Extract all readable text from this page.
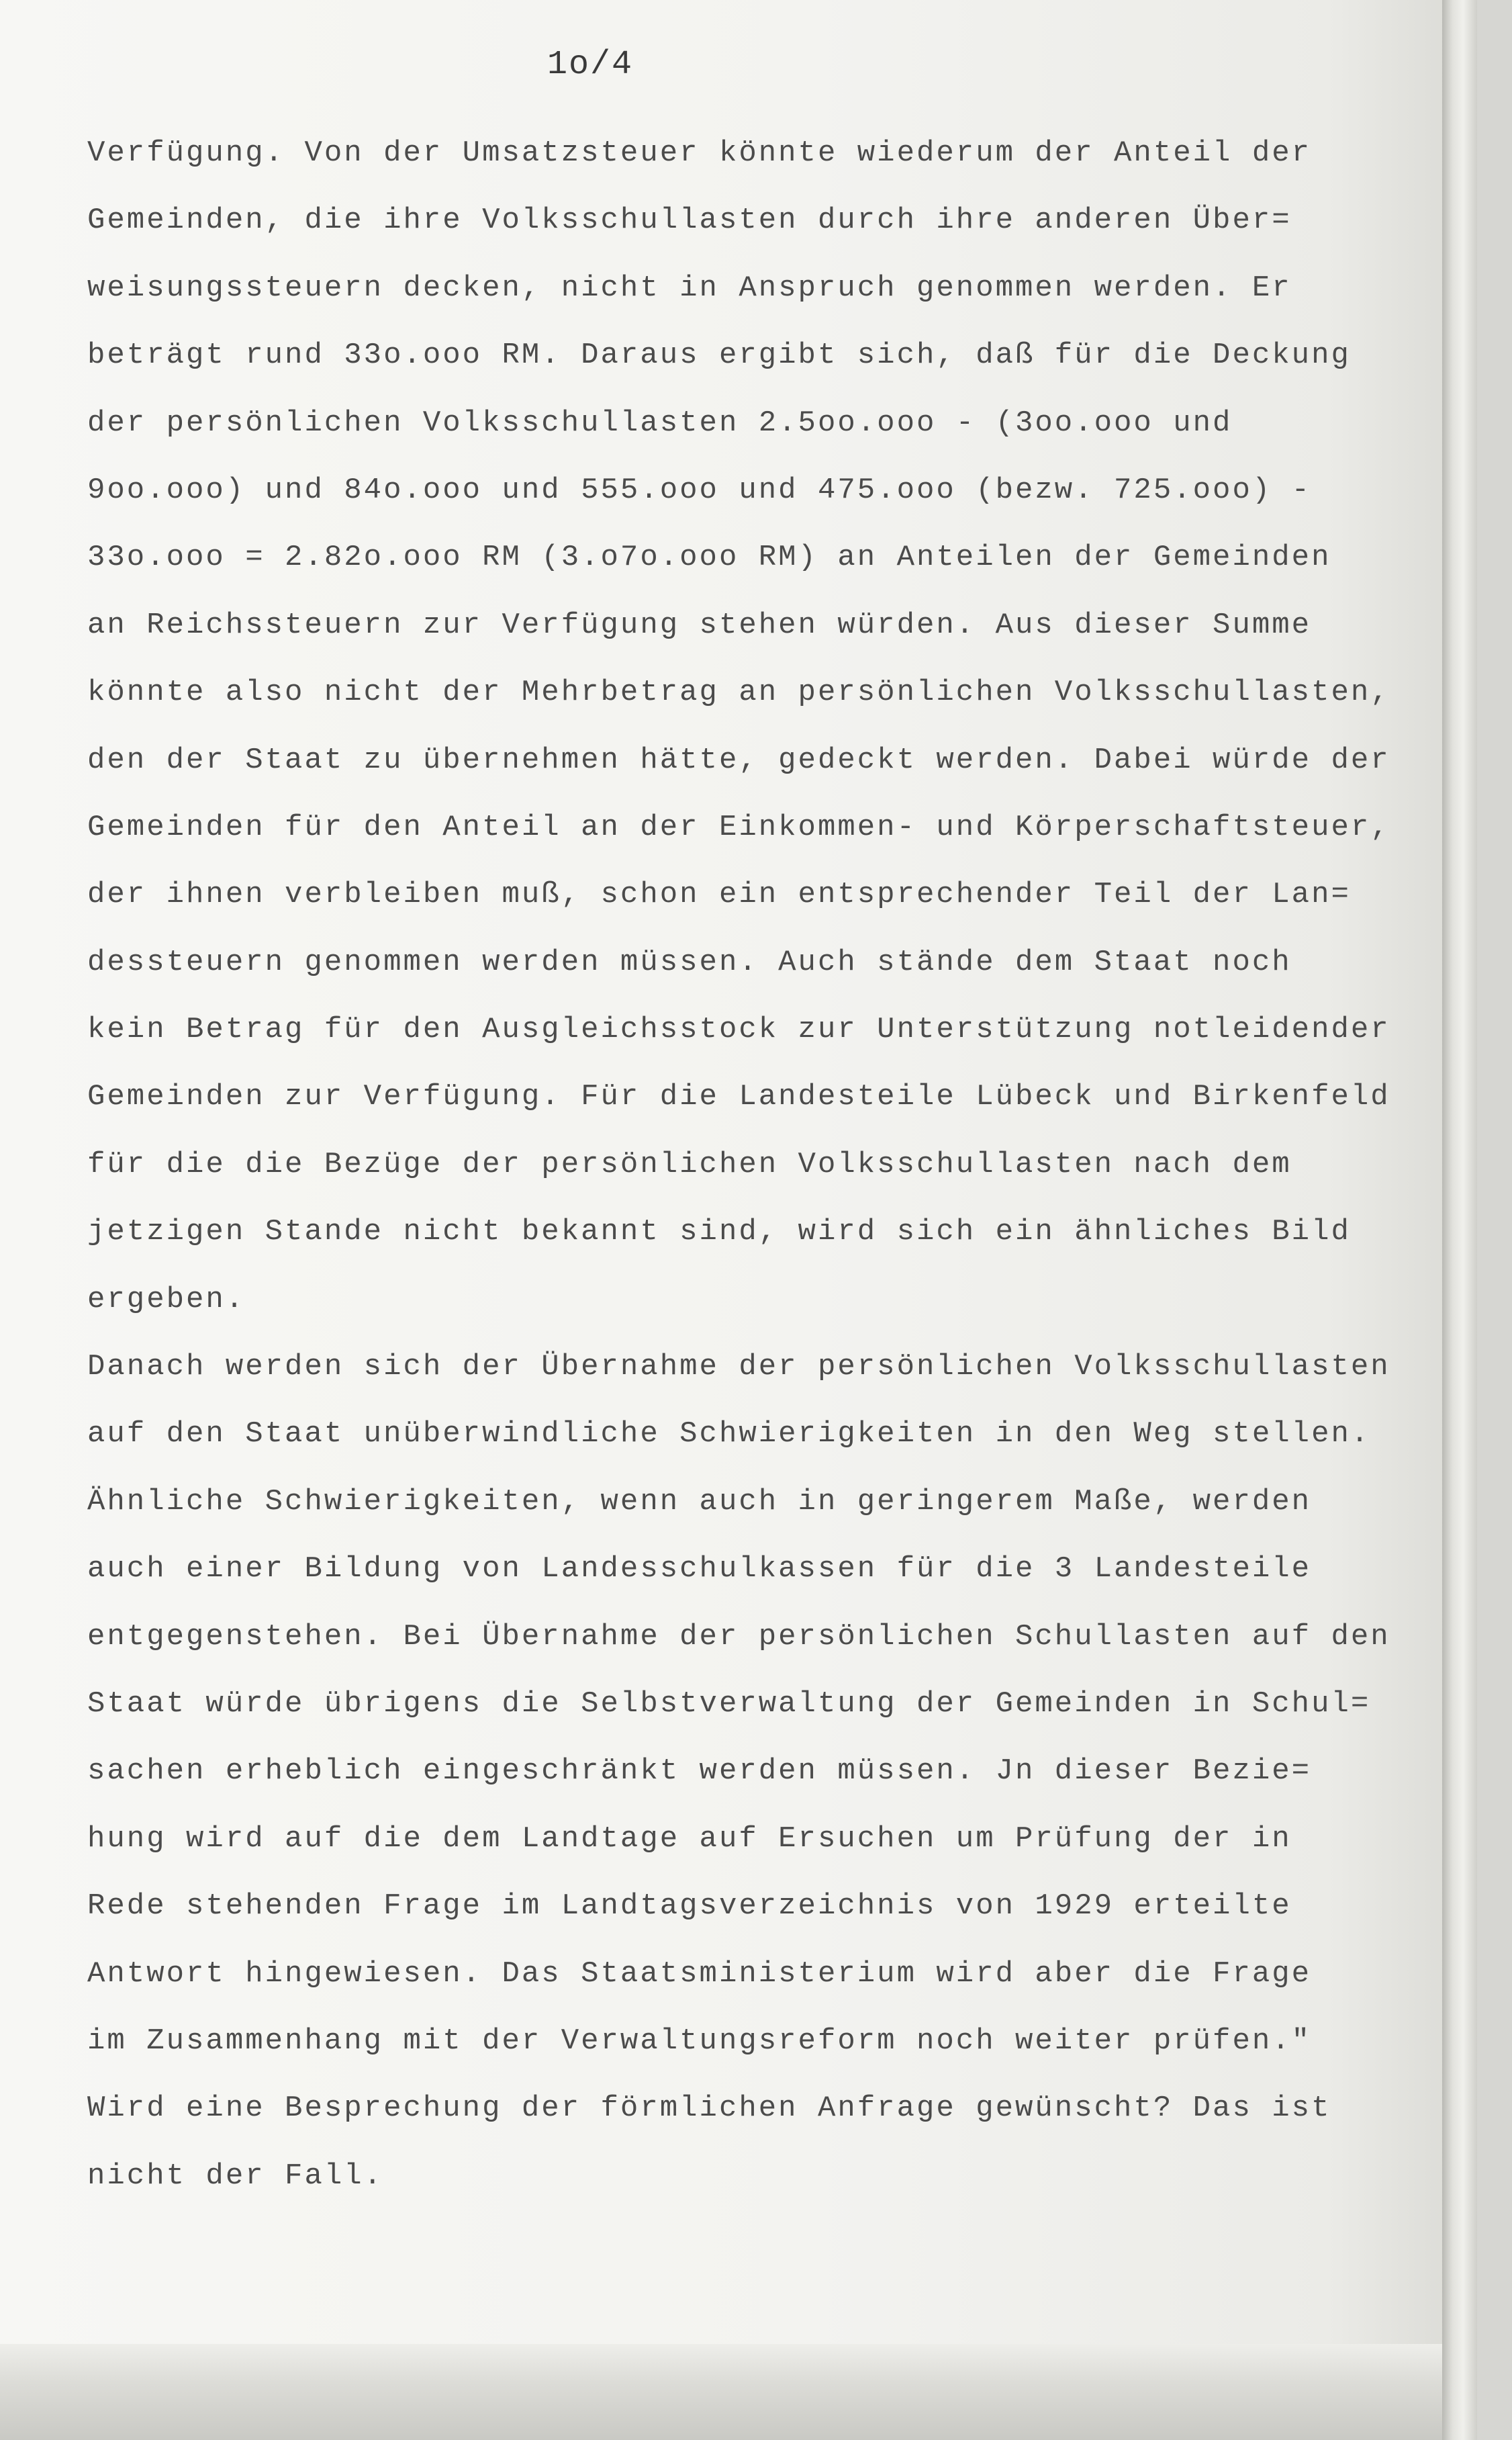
1o/4
Verfügung. Von der Umsatzsteuer könnte wiederum der Anteil der
Gemeinden, die ihre Volksschullasten durch ihre anderen Über=
weisungssteuern decken, nicht in Anspruch genommen werden. Er
beträgt rund 33o.ooo RM. Daraus ergibt sich, daß für die Deckung
der persönlichen Volksschullasten 2.5oo.ooo - (3oo.ooo und
9oo.ooo) und 84o.ooo und 555.ooo und 475.ooo (bezw. 725.ooo) -
33o.ooo = 2.82o.ooo RM (3.o7o.ooo RM) an Anteilen der Gemeinden
an Reichssteuern zur Verfügung stehen würden. Aus dieser Summe
könnte also nicht der Mehrbetrag an persönlichen Volksschullasten,
den der Staat zu übernehmen hätte, gedeckt werden. Dabei würde der
Gemeinden für den Anteil an der Einkommen- und Körperschaftsteuer,
der ihnen verbleiben muß, schon ein entsprechender Teil der Lan=
dessteuern genommen werden müssen. Auch stände dem Staat noch
kein Betrag für den Ausgleichsstock zur Unterstützung notleidender
Gemeinden zur Verfügung. Für die Landesteile Lübeck und Birkenfeld
für die die Bezüge der persönlichen Volksschullasten nach dem
jetzigen Stande nicht bekannt sind, wird sich ein ähnliches Bild
ergeben.
Danach werden sich der Übernahme der persönlichen Volksschullasten
auf den Staat unüberwindliche Schwierigkeiten in den Weg stellen.
Ähnliche Schwierigkeiten, wenn auch in geringerem Maße, werden
auch einer Bildung von Landesschulkassen für die 3 Landesteile
entgegenstehen. Bei Übernahme der persönlichen Schullasten auf den
Staat würde übrigens die Selbstverwaltung der Gemeinden in Schul=
sachen erheblich eingeschränkt werden müssen. Jn dieser Bezie=
hung wird auf die dem Landtage auf Ersuchen um Prüfung der in
Rede stehenden Frage im Landtagsverzeichnis von 1929 erteilte
Antwort hingewiesen. Das Staatsministerium wird aber die Frage
im Zusammenhang mit der Verwaltungsreform noch weiter prüfen."
Wird eine Besprechung der förmlichen Anfrage gewünscht? Das ist
nicht der Fall.
